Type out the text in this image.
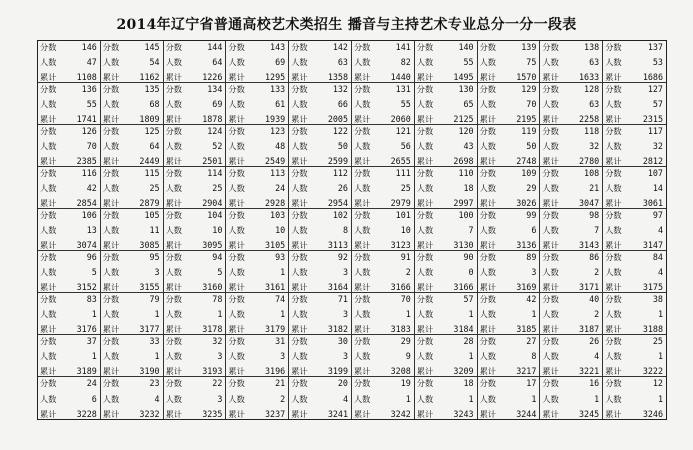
2014年辽宁省普通高校艺术类招生 播音与主持艺术专业总分一分一段表
分数	146
人数	47
累计 1108
分数	145
人数	54
累计 1162
分数	144
人数	64
累计 1226
分数	143
人数	69
累计 1295
分数	142
人数	63
累计 1358
分数	141
人数	82
累计 1440
分数	140
人数	55
累计 1495
分数	139
人数	75
累计 1570
分数	138
人数	63
累计 1633
分数	137
人数	53
累计	1686
分数	136
人数	55
累计 1741
分数	135
人数	68
累计 1809
分数	134
人数	69
累计 1878
分数	133
人数	61
累计 1939
分数	132
人数	66
累计 2005
分数	131
人数	55
累计 2060
分数	130
人数	65
累计 2125
分数	129
人数	70
累计 2195
分数	128
人数	63
累计 2258
分数	127
人数	57
累计	2315
分数	126
人数	70
累计 2385
分数	125
人数	64
累计 2449
分数	124
人数	52
累计 2501
分数	123
人数	48
累计 2549
分数	122
人数	50
累计 2599
分数	121
人数	56
累计 2655
分数	120
人数	43
累计 2698
分数	119
人数	50
累计 2748
分数	118
人数	32
累计 2780
分数	117
人数	32
累计	2812
分数	116
人数	42
累计 2854
分数	115
人数	25
累计 2879
分数	114
人数	25
累计 2904
分数	113
人数	24
累计 2928
分数	112
人数	26
累计 2954
分数	111
人数	25
累计 2979
分数	110
人数	18
累计 2997
分数	109
人数	29
累计 3026
分数	108
人数	21
累计 3047
分数	107
人数	14
累计	3061
分数	106
人数	13
累计 3074
分数	105
人数	11
累计 3085
分数	104
人数	10
累计 3095
分数	103
人数	10
累计 3105
分数	102
人数	8
累计 3113
分数	101
人数	10
累计 3123
分数	100
人数	7
累计 3130
分数	99
人数	6
累计 3136
分数	98
人数	7
累计 3143
分数	97
人数	4
累计	3147
分数	96
人数	5
累计 3152
分数	95
人数	3
累计 3155
分数	94
人数	5
累计 3160
分数	93
人数	1
累计 3161
分数	92
人数	3
累计 3164
分数	91
人数	2
累计 3166
分数	90
人数	0
累计 3166
分数	89
人数	3
累计 3169
分数	86
人数	2
累计 3171
分数	84
人数	4
累计	3175
分数	83
人数	1
累计 3176
分数	79
人数	1
累计 3177
分数	78
人数	1
累计 3178
分数	74
人数	1
累计 3179
分数	71
人数	3
累计 3182
分数	70
人数	1
累计 3183
分数	57
人数	1
累计 3184
分数	42
人数	1
累计 3185
分数	40
人数	2
累计 3187
分数	38
人数	1
累计	3188
分数	37
人数	1
累计 3189
分数	33
人数	1
累计 3190
分数	32
人数	3
累计 3193
分数	31
人数	3
累计 3196
分数	30
人数	3
累计 3199
分数	29
人数	9
累计 3208
分数	28
人数	1
累计 3209
分数	27
人数	8
累计 3217
分数	26
人数	4
累计 3221
分数	25
人数	1
累计	3222
分数	24
人数	6
累计 3228
分数	23
人数	4
累计 3232
分数	22
人数	3
累计 3235
分数	21
人数	2
累计 3237
分数	20
人数	4
累计 3241
分数	19
人数	1
累计 3242
分数	18
人数	1
累计 3243
分数	17
人数	1
累计 3244
分数	16
人数	1
累计 3245
分数	12
人数	1
累计	3246
